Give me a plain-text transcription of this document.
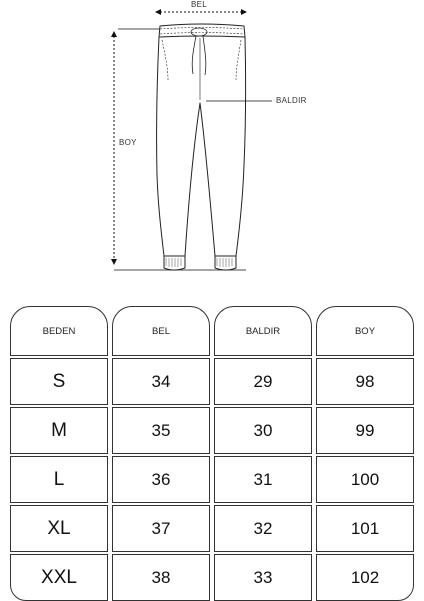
BEL
BALDIR
BOY
BEDEN	BEL	BALDIR	BOY
S	34	29	98
M	35	30	99
L	36	31	100
XL	37	32	101
XXL	38	33	102
